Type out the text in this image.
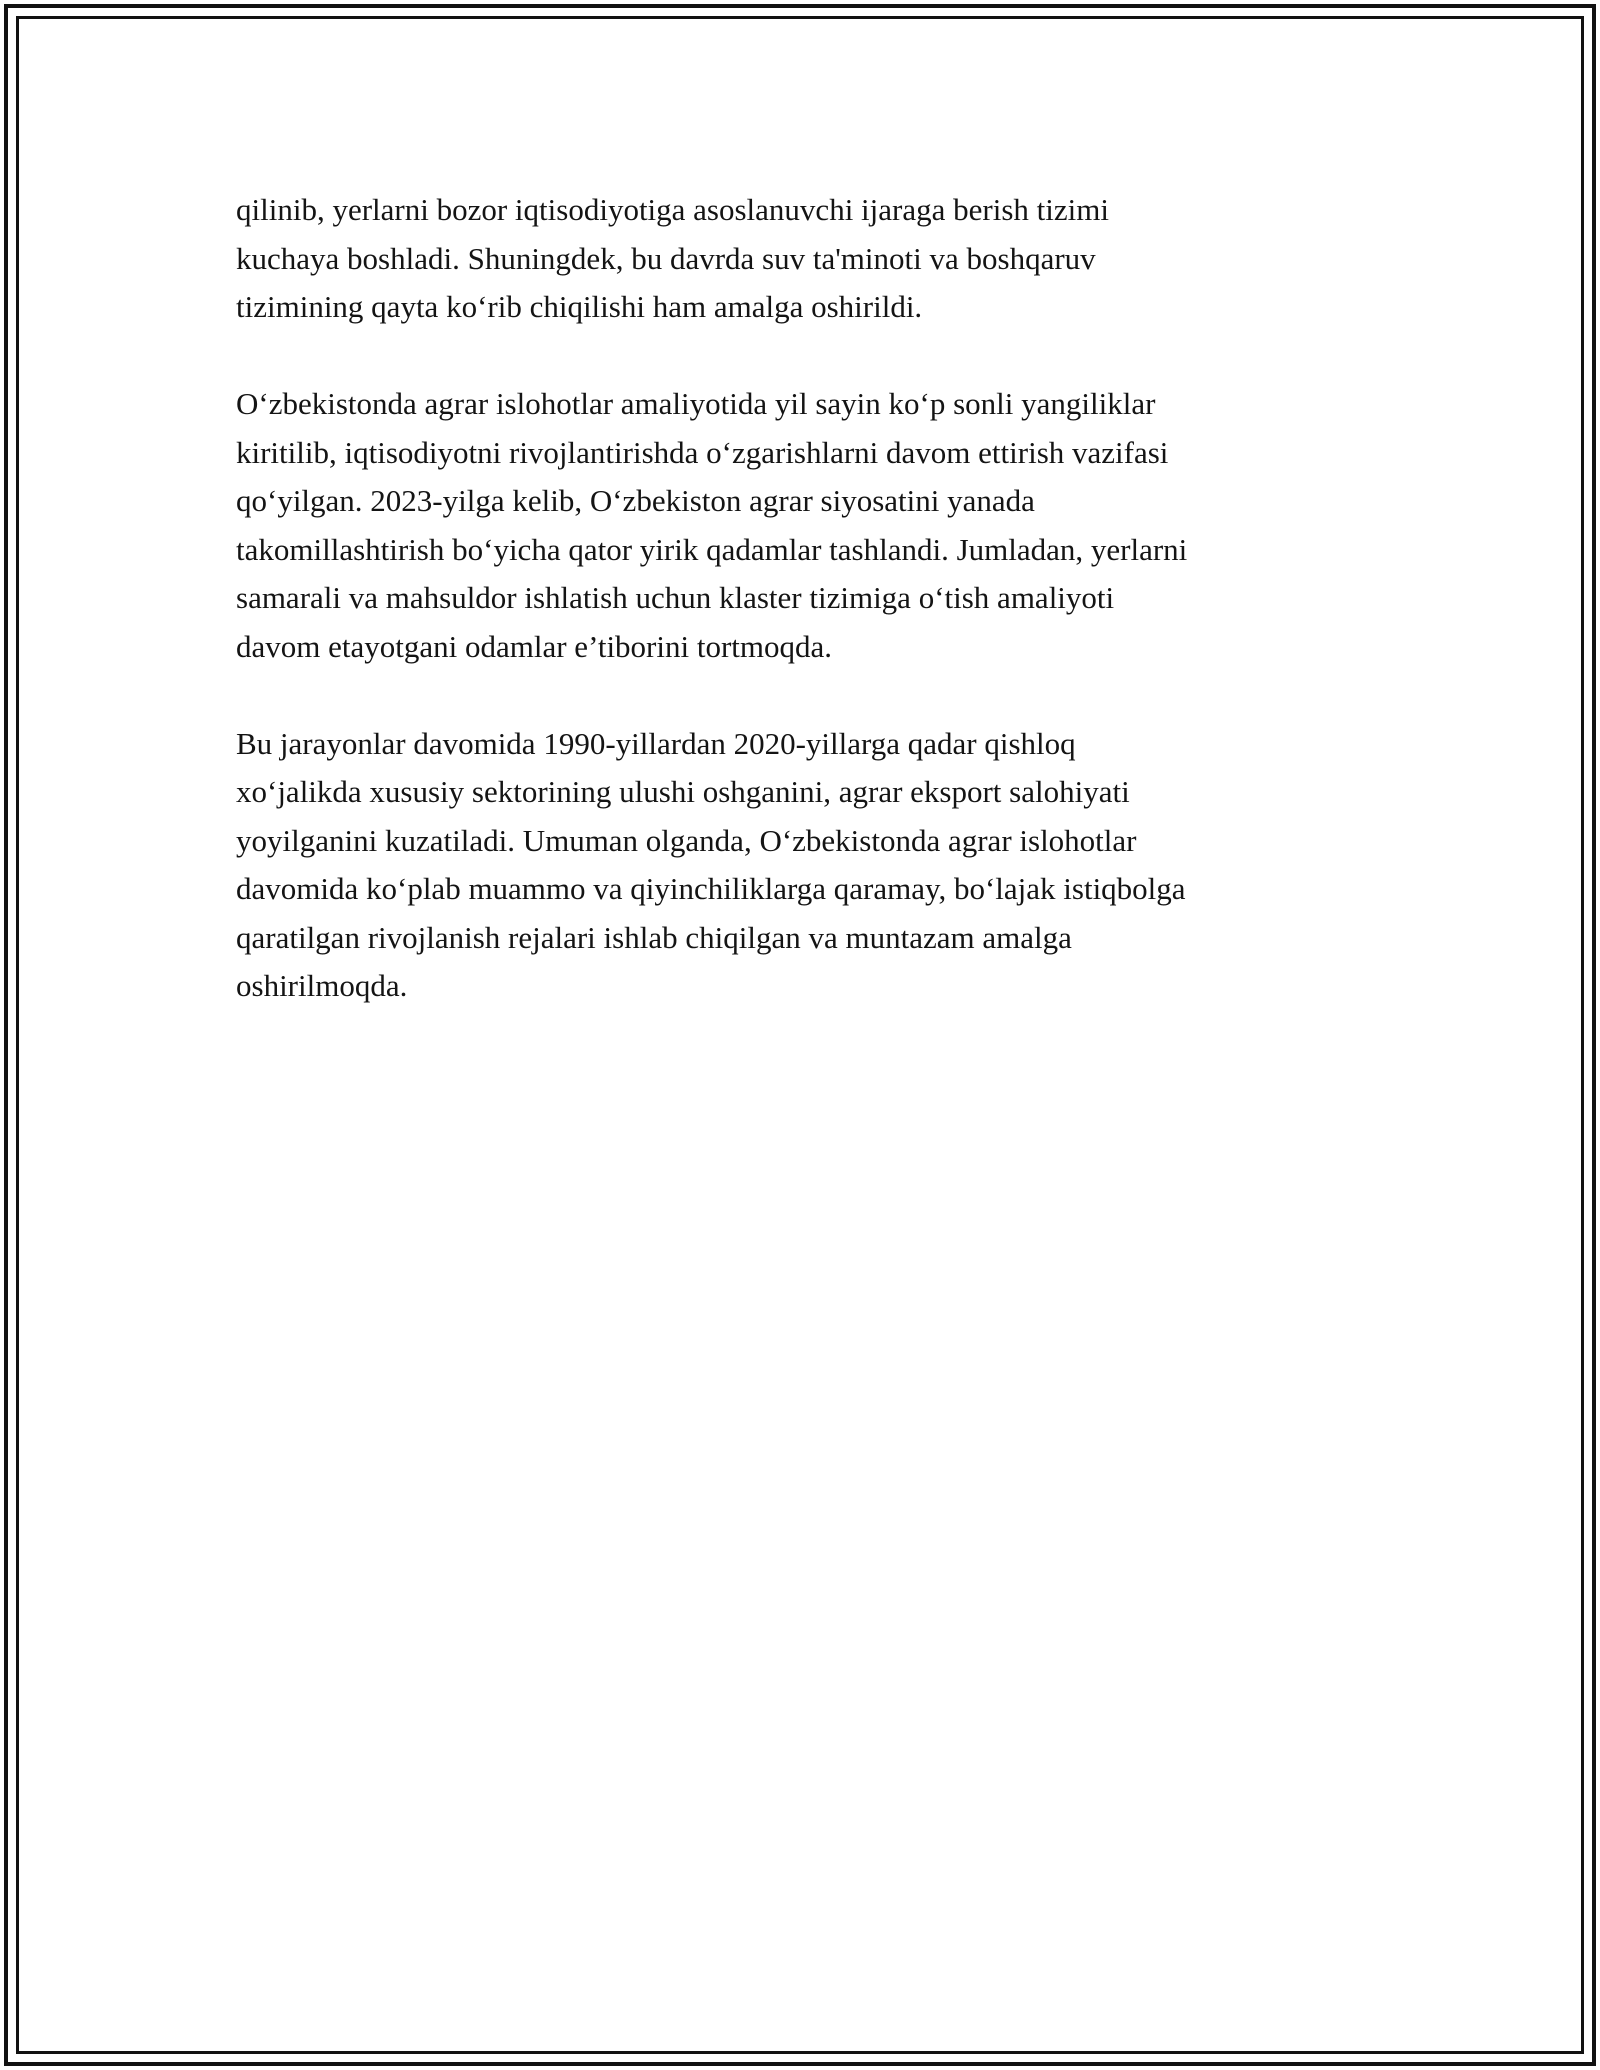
qilinib, yerlarni bozor iqtisodiyotiga asoslanuvchi ijaraga berish tizimi
kuchaya boshladi. Shuningdek, bu davrda suv ta'minoti va boshqaruv
tizimining qayta ko‘rib chiqilishi ham amalga oshirildi.

O‘zbekistonda agrar islohotlar amaliyotida yil sayin ko‘p sonli yangiliklar
kiritilib, iqtisodiyotni rivojlantirishda o‘zgarishlarni davom ettirish vazifasi
qo‘yilgan. 2023-yilga kelib, O‘zbekiston agrar siyosatini yanada
takomillashtirish bo‘yicha qator yirik qadamlar tashlandi. Jumladan, yerlarni
samarali va mahsuldor ishlatish uchun klaster tizimiga o‘tish amaliyoti
davom etayotgani odamlar e’tiborini tortmoqda.

Bu jarayonlar davomida 1990-yillardan 2020-yillarga qadar qishloq
xo‘jalikda xususiy sektorining ulushi oshganini, agrar eksport salohiyati
yoyilganini kuzatiladi. Umuman olganda, O‘zbekistonda agrar islohotlar
davomida ko‘plab muammo va qiyinchiliklarga qaramay, bo‘lajak istiqbolga
qaratilgan rivojlanish rejalari ishlab chiqilgan va muntazam amalga
oshirilmoqda.
